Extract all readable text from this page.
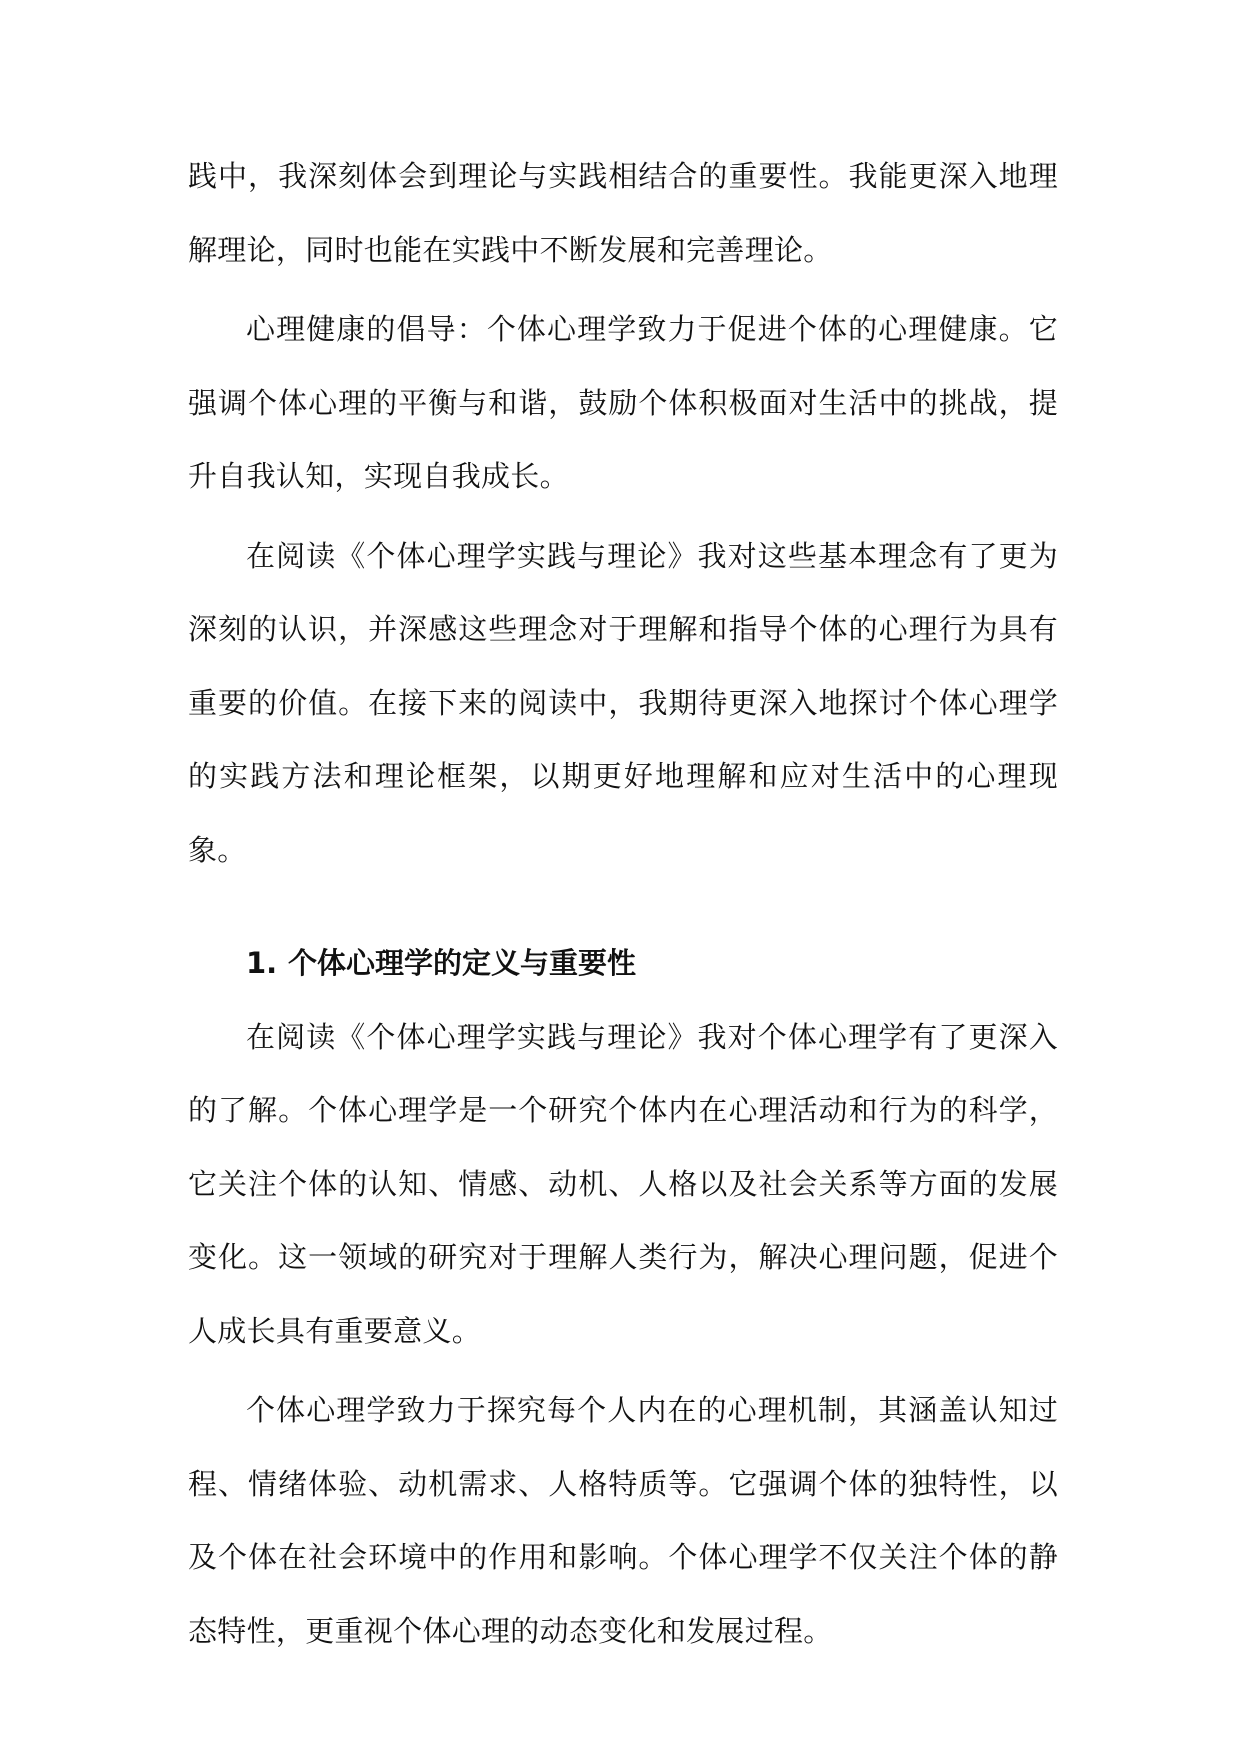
践中，我深刻体会到理论与实践相结合的重要性。我能更深入地理解理论，同时也能在实践中不断发展和完善理论。

心理健康的倡导：个体心理学致力于促进个体的心理健康。它强调个体心理的平衡与和谐，鼓励个体积极面对生活中的挑战，提升自我认知，实现自我成长。

在阅读《个体心理学实践与理论》我对这些基本理念有了更为深刻的认识，并深感这些理念对于理解和指导个体的心理行为具有重要的价值。在接下来的阅读中，我期待更深入地探讨个体心理学的实践方法和理论框架，以期更好地理解和应对生活中的心理现象。

1. 个体心理学的定义与重要性

在阅读《个体心理学实践与理论》我对个体心理学有了更深入的了解。个体心理学是一个研究个体内在心理活动和行为的科学，它关注个体的认知、情感、动机、人格以及社会关系等方面的发展变化。这一领域的研究对于理解人类行为，解决心理问题，促进个人成长具有重要意义。

个体心理学致力于探究每个人内在的心理机制，其涵盖认知过程、情绪体验、动机需求、人格特质等。它强调个体的独特性，以及个体在社会环境中的作用和影响。个体心理学不仅关注个体的静态特性，更重视个体心理的动态变化和发展过程。
